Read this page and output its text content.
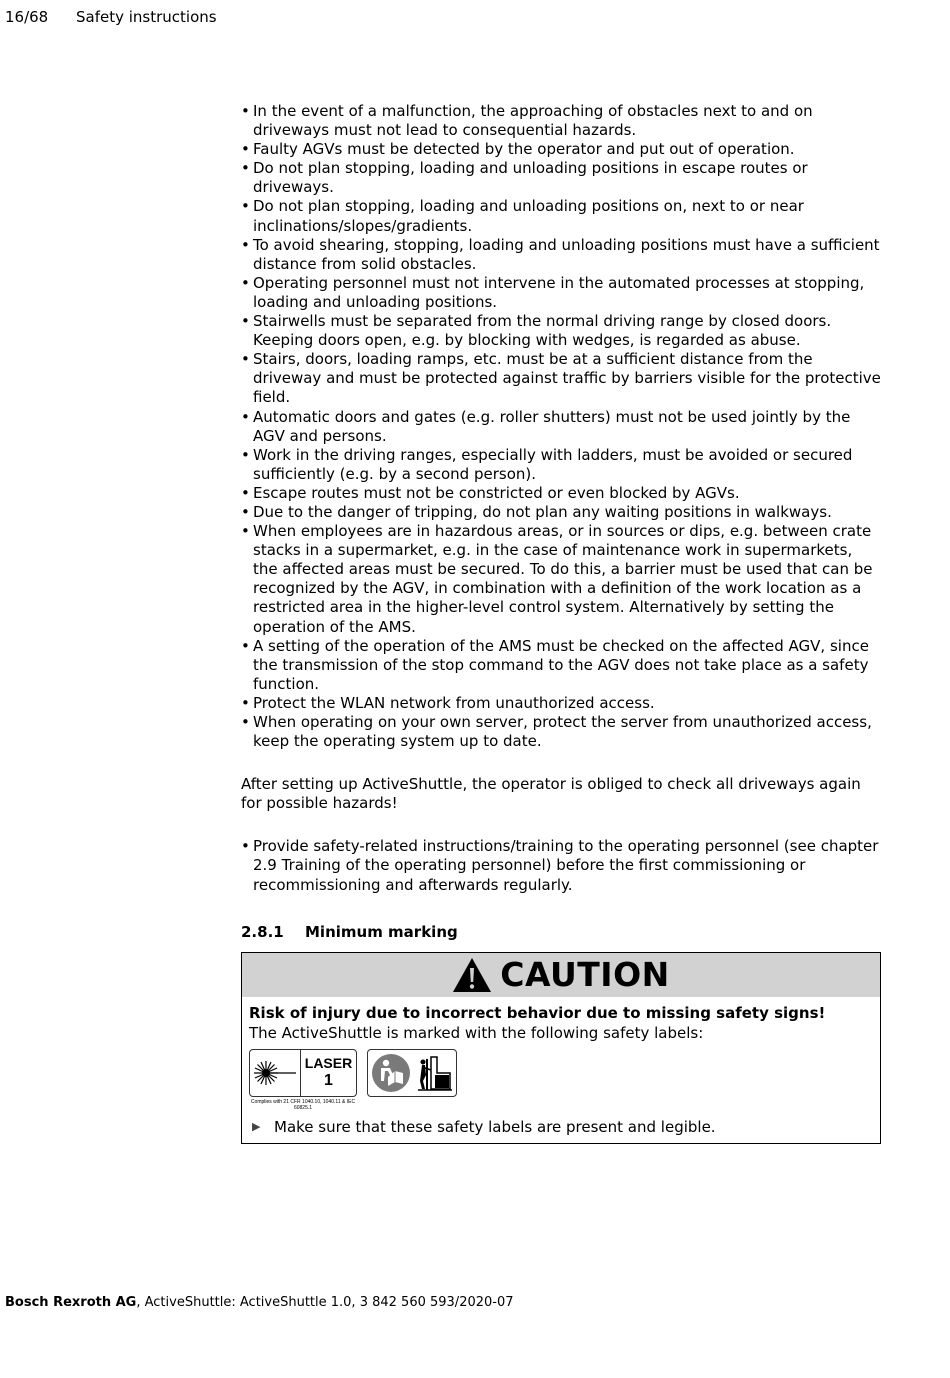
16/68 Safety instructions
• In the event of a malfunction, the approaching of obstacles next to and on driveways must not lead to consequential hazards.
• Faulty AGVs must be detected by the operator and put out of operation.
• Do not plan stopping, loading and unloading positions in escape routes or driveways.
• Do not plan stopping, loading and unloading positions on, next to or near inclinations/slopes/gradients.
• To avoid shearing, stopping, loading and unloading positions must have a sufficient distance from solid obstacles.
• Operating personnel must not intervene in the automated processes at stopping, loading and unloading positions.
• Stairwells must be separated from the normal driving range by closed doors. Keeping doors open, e.g. by blocking with wedges, is regarded as abuse.
• Stairs, doors, loading ramps, etc. must be at a sufficient distance from the driveway and must be protected against traffic by barriers visible for the protective field.
• Automatic doors and gates (e.g. roller shutters) must not be used jointly by the AGV and persons.
• Work in the driving ranges, especially with ladders, must be avoided or secured sufficiently (e.g. by a second person).
• Escape routes must not be constricted or even blocked by AGVs.
• Due to the danger of tripping, do not plan any waiting positions in walkways.
• When employees are in hazardous areas, or in sources or dips, e.g. between crate stacks in a supermarket, e.g. in the case of maintenance work in supermarkets, the affected areas must be secured. To do this, a barrier must be used that can be recognized by the AGV, in combination with a definition of the work location as a restricted area in the higher-level control system. Alternatively by setting the operation of the AMS.
• A setting of the operation of the AMS must be checked on the affected AGV, since the transmission of the stop command to the AGV does not take place as a safety function.
• Protect the WLAN network from unauthorized access.
• When operating on your own server, protect the server from unauthorized access, keep the operating system up to date.

After setting up ActiveShuttle, the operator is obliged to check all driveways again for possible hazards!

• Provide safety-related instructions/training to the operating personnel (see chapter 2.9 Training of the operating personnel) before the first commissioning or recommissioning and afterwards regularly.
2.8.1 Minimum marking
CAUTION
Risk of injury due to incorrect behavior due to missing safety signs!
The ActiveShuttle is marked with the following safety labels:
LASER
1
Complies with 21 CFR 1040.10, 1040.11 & IEC 60825.1
▶ Make sure that these safety labels are present and legible.
Bosch Rexroth AG, ActiveShuttle: ActiveShuttle 1.0, 3 842 560 593/2020-07
